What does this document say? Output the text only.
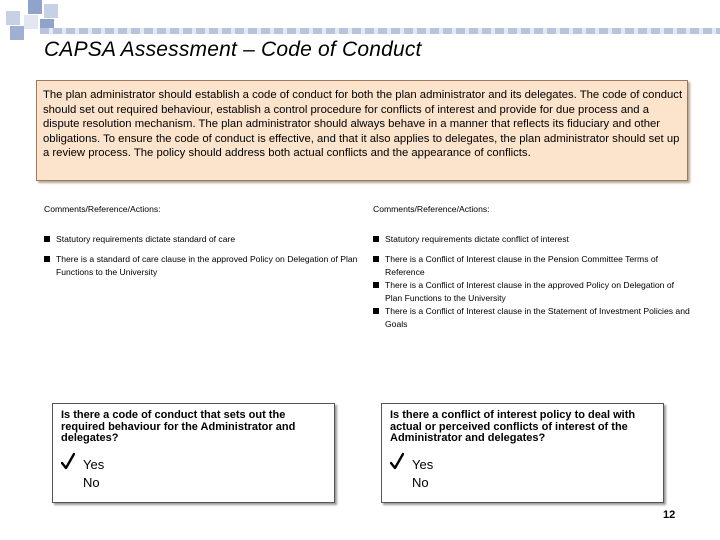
CAPSA Assessment – Code of Conduct
The plan administrator should establish a code of conduct for both the plan administrator and its delegates. The code of conduct should set out required behaviour, establish a control procedure for conflicts of interest and provide for due process and a dispute resolution mechanism. The plan administrator should always behave in a manner that reflects its fiduciary and other obligations. To ensure the code of conduct is effective, and that it also applies to delegates, the plan administrator should set up a review process. The policy should address both actual conflicts and the appearance of conflicts.
Comments/Reference/Actions:
Statutory requirements dictate standard of care
There is a standard of care clause in the approved Policy on Delegation of Plan Functions to the University
Comments/Reference/Actions:
Statutory requirements dictate conflict of interest
There is a Conflict of Interest clause in the Pension Committee Terms of Reference
There is a Conflict of Interest clause in the approved Policy on Delegation of Plan Functions to the University
There is a Conflict of Interest clause in the Statement of Investment Policies and Goals

Is there a code of conduct that sets out the required behaviour for the Administrator and delegates?

Yes
No

Is there a conflict of interest policy to deal with actual or perceived conflicts of interest of the Administrator and delegates?

Yes
No
12
